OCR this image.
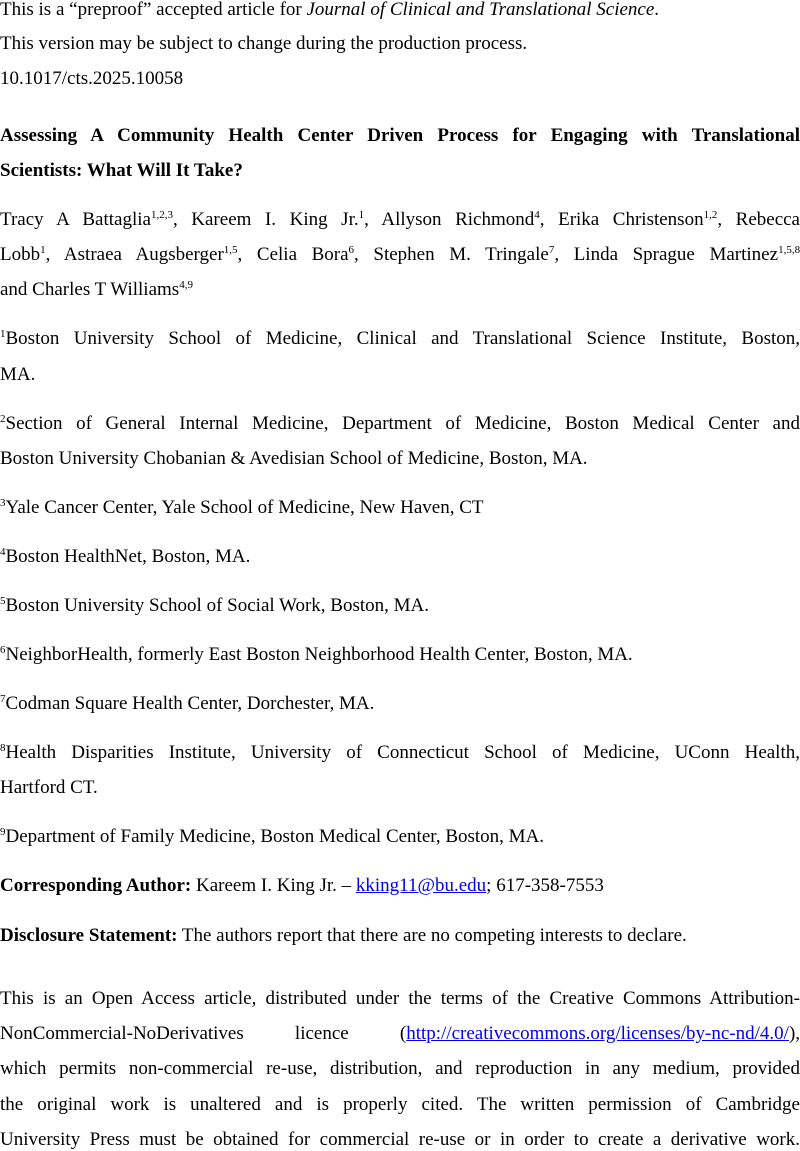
This is a “preproof” accepted article for Journal of Clinical and Translational Science.
This version may be subject to change during the production process.
10.1017/cts.2025.10058
Assessing A Community Health Center Driven Process for Engaging with Translational
Scientists: What Will It Take?
Tracy A Battaglia$^{1,2,3}$, Kareem I. King Jr.$^1$, Allyson Richmond$^4$, Erika Christenson$^{1,2}$, Rebecca
Lobb$^1$, Astraea Augsberger$^{1,5}$, Celia Bora$^6$, Stephen M. Tringale$^7$, Linda Sprague Martinez$^{1,5,8}$
and Charles T Williams$^{4,9}$
$^1$Boston University School of Medicine, Clinical and Translational Science Institute, Boston,
MA.
$^2$Section of General Internal Medicine, Department of Medicine, Boston Medical Center and
Boston University Chobanian & Avedisian School of Medicine, Boston, MA.
$^3$Yale Cancer Center, Yale School of Medicine, New Haven, CT
$^4$Boston HealthNet, Boston, MA.
$^5$Boston University School of Social Work, Boston, MA.
$^6$NeighborHealth, formerly East Boston Neighborhood Health Center, Boston, MA.
$^7$Codman Square Health Center, Dorchester, MA.
$^8$Health Disparities Institute, University of Connecticut School of Medicine, UConn Health,
Hartford CT.
$^9$Department of Family Medicine, Boston Medical Center, Boston, MA.
Corresponding Author: Kareem I. King Jr. – kking11@bu.edu; 617-358-7553
Disclosure Statement: The authors report that there are no competing interests to declare.
This is an Open Access article, distributed under the terms of the Creative Commons Attribution-
NonCommercial-NoDerivatives	licence	(http://creativecommons.org/licenses/by-nc-nd/4.0/),
which permits non-commercial re-use, distribution, and reproduction in any medium, provided
the original work is unaltered and is properly cited. The written permission of Cambridge
University Press must be obtained for commercial re-use or in order to create a derivative work.
